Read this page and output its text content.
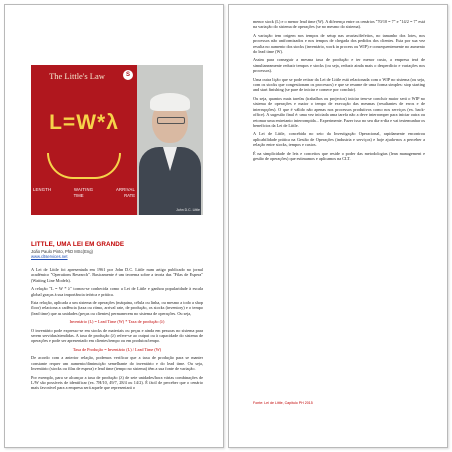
The Little's Law	S
L=W*λ
LENGTH	WAITING	ARRIVAL
TIME	RATE
John D.C. Little
LITTLE, UMA LEI EM GRANDE
João Paulo Pinto, PhD MSc(Eng)
www.cltservices.net

A Lei de Little foi apresentada em 1961 por John D.C. Little num artigo publicado no jornal académico "Operations Research". Basicamente é um teorema sobre a teoria das "Filas de Espera" (Waiting Line Models).

A relação "L = W * λ" tornou-se conhecida como a Lei de Little e ganhou popularidade à escala global graças à sua importância teórica e prática.

Esta relação, aplicada a um sistema de operações (máquina, célula ou linha, ou mesmo a todo a shop floor) relaciona a cadência (taxa ou ritmo, arrival rate, de produção, os stocks (inventory) e o tempo (lead time) que as unidades (peças ou clientes) permanecem no sistema de operações. Ou seja,

Inventário (L) = Lead Time (W) * Taxa de produção (λ)

O inventário pode expresso-se em stocks de materiais ou peças e ainda em pessoas no sistema para serem servidas/atendidas. A taxa de produção (λ) refere-se ao output ou à capacidade do sistema de operações e pode ser apresentado em clientes/tempo ou em produtos/tempo.

Taxa de Produção = Inventário (L) / Lead Time (W)

De acordo com a anterior relação, podemos verificar que a taxa de produção para se manter constante requer um aumento/diminuição semelhante do inventário e do lead time. Ou seja, Inventário (stocks ou filas de espera) e lead time (tempo no sistema) têm a sua fonte de variação.

Por exemplo, para se alcançar a taxa de produção (λ) de sete unidades/hora várias combinações de L/W são possíveis de identificar (ex. 7H/10, 49/7, 28/4 ou 14/2). É fácil de perceber que o cenário mais favorável para a empresa será aquele que representará o

menor stock (L) e o menor lead time (W). A diferença entre os cenários "70/10 = 7" e "14/2 = 7" está na variação do sistema de operações (se no mesmo do sistema).

A variação tem origem nos tempos de setup nas avarias/defeitos, no tamanho dos lotes, nos processos não uniformizados e nos tempos de chegada dos pedidos dos clientes. Esta por sua vez resulta no aumento dos stocks (inventário, work in process ou WIP) e consequentemente no aumento do lead time (W).

Assim para conseguir a mesma taxa de produção e ter menor custo, a empresa terá de simultaneamente reduzir tempos e stocks (ou seja, reduzir ainda mais o desperdício e variações nos processos).

Uma outra lição que se pode retirar da Lei de Little está relacionada com o WIP no sistema (ou seja, com os stocks que congestionam os processos) e que se resume de uma forma simples: stop starting and start finishing (se pare de iniciar e comece por concluir).

Ou seja, quantos mais tarefas (trabalhos ou projectos) iniciar tem-se concluir maior será o WIP no sistema de operações e maior o tempo de execução das mesmas (resultantes de erros e de interrupções). O que é válido não apenas nos processos produtivos como nos serviços (ex. back-office). A sugestão final é: uma vez iniciada uma tarefa não a deve interromper para iniciar outra ou retomar uma entretanto interrompida... Experimente. Fazer isso no seu dia-a-dia e vai testemunhar os benefícios da Lei de Little.

A Lei de Little, concebida no seio da Investigação Operacional, rapidamente encontrou aplicabilidade prática na Gestão de Operações (industria e serviços) e hoje ajuda-nos a perceber a relação entre stocks, tempos e custos.

É na simplicidade de leis e conceitos que reside o poder das metodologias (lean management e gestão de operações) que estimamos e aplicamos na CLT.

Fonte: Lei de Little, Capitulo PH 2015
